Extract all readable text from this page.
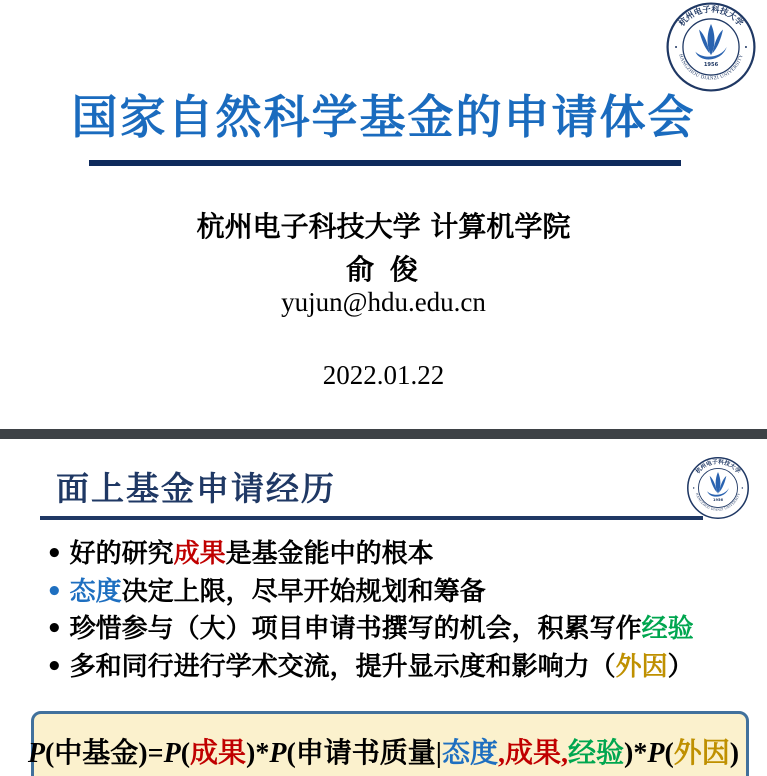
国家自然科学基金的申请体会
杭州电子科技大学 计算机学院
俞 俊
yujun@hdu.edu.cn
2022.01.22
面上基金申请经历
• 好的研究成果是基金能中的根本
• 态度决定上限，尽早开始规划和筹备
• 珍惜参与（大）项目申请书撰写的机会，积累写作经验
• 多和同行进行学术交流，提升显示度和影响力（外因）
P(中基金)=P(成果)*P(申请书质量|态度,成果,经验)*P(外因)
